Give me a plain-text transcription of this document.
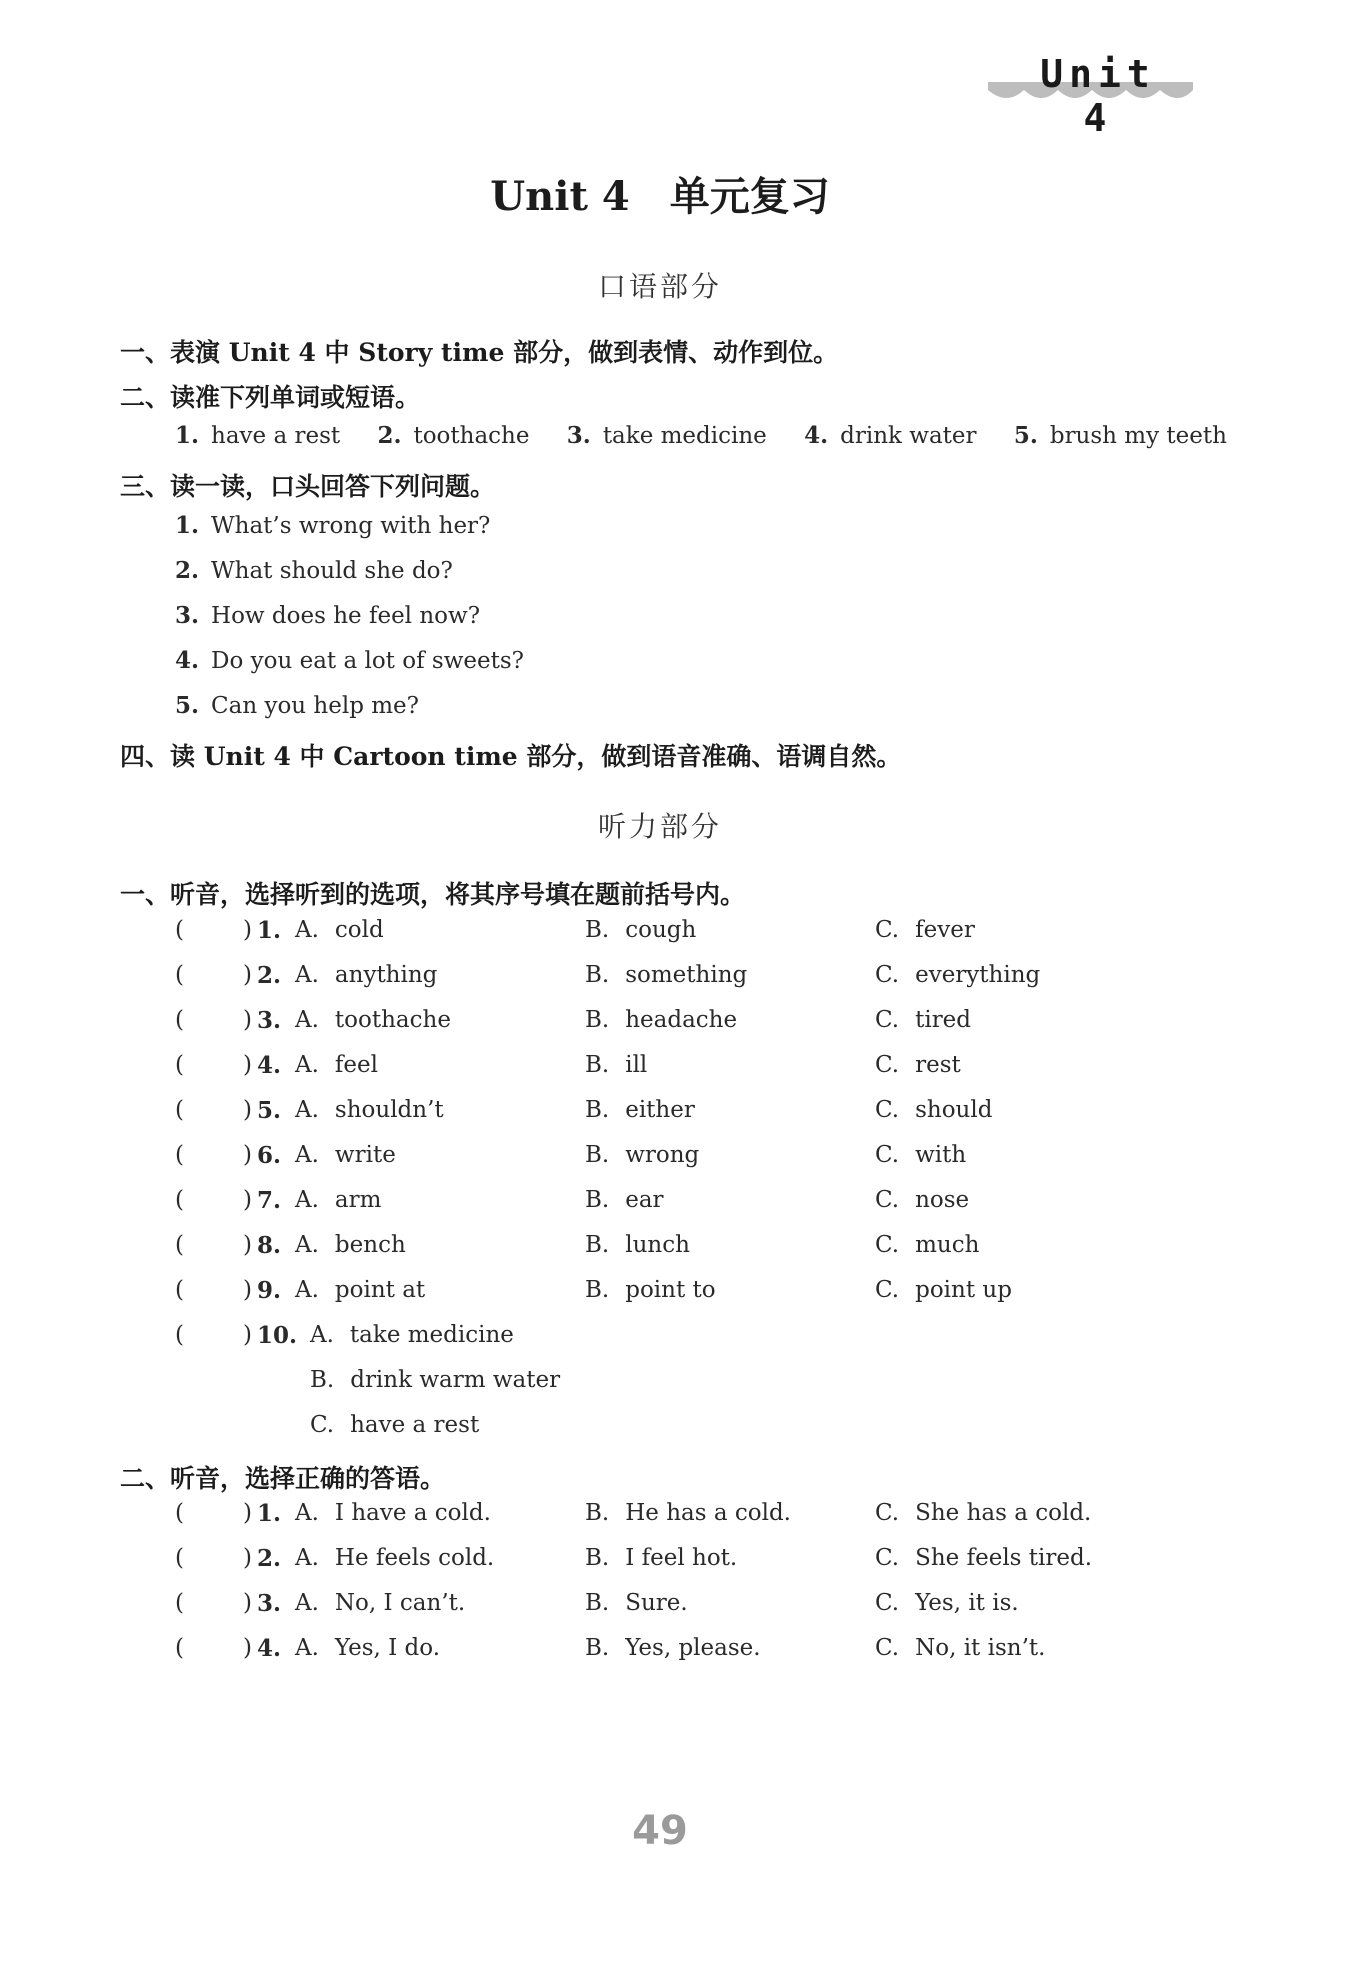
Unit 4
Unit 4　单元复习
口语部分
一、表演 Unit 4 中 Story time 部分，做到表情、动作到位。
二、读准下列单词或短语。
1. have a rest 2. toothache 3. take medicine 4. drink water 5. brush my teeth
三、读一读，口头回答下列问题。
1. What’s wrong with her?
2. What should she do?
3. How does he feel now?
4. Do you eat a lot of sweets?
5. Can you help me?
四、读 Unit 4 中 Cartoon time 部分，做到语音准确、语调自然。
听力部分
一、听音，选择听到的选项，将其序号填在题前括号内。
(	) 1. A. cold	B. cough	C. fever
(	) 2. A. anything	B. something	C. everything
(	) 3. A. toothache	B. headache	C. tired
(	) 4. A. feel	B. ill	C. rest
(	) 5. A. shouldn’t	B. either	C. should
(	) 6. A. write	B. wrong	C. with
(	) 7. A. arm	B. ear	C. nose
(	) 8. A. bench	B. lunch	C. much
(	) 9. A. point at	B. point to	C. point up
(	) 10. A. take medicine
B. drink warm water
C. have a rest
二、听音，选择正确的答语。
(	) 1. A. I have a cold.	B. He has a cold.	C. She has a cold.
(	) 2. A. He feels cold.	B. I feel hot.	C. She feels tired.
(	) 3. A. No, I can’t.	B. Sure.	C. Yes, it is.
(	) 4. A. Yes, I do.	B. Yes, please.	C. No, it isn’t.
49
